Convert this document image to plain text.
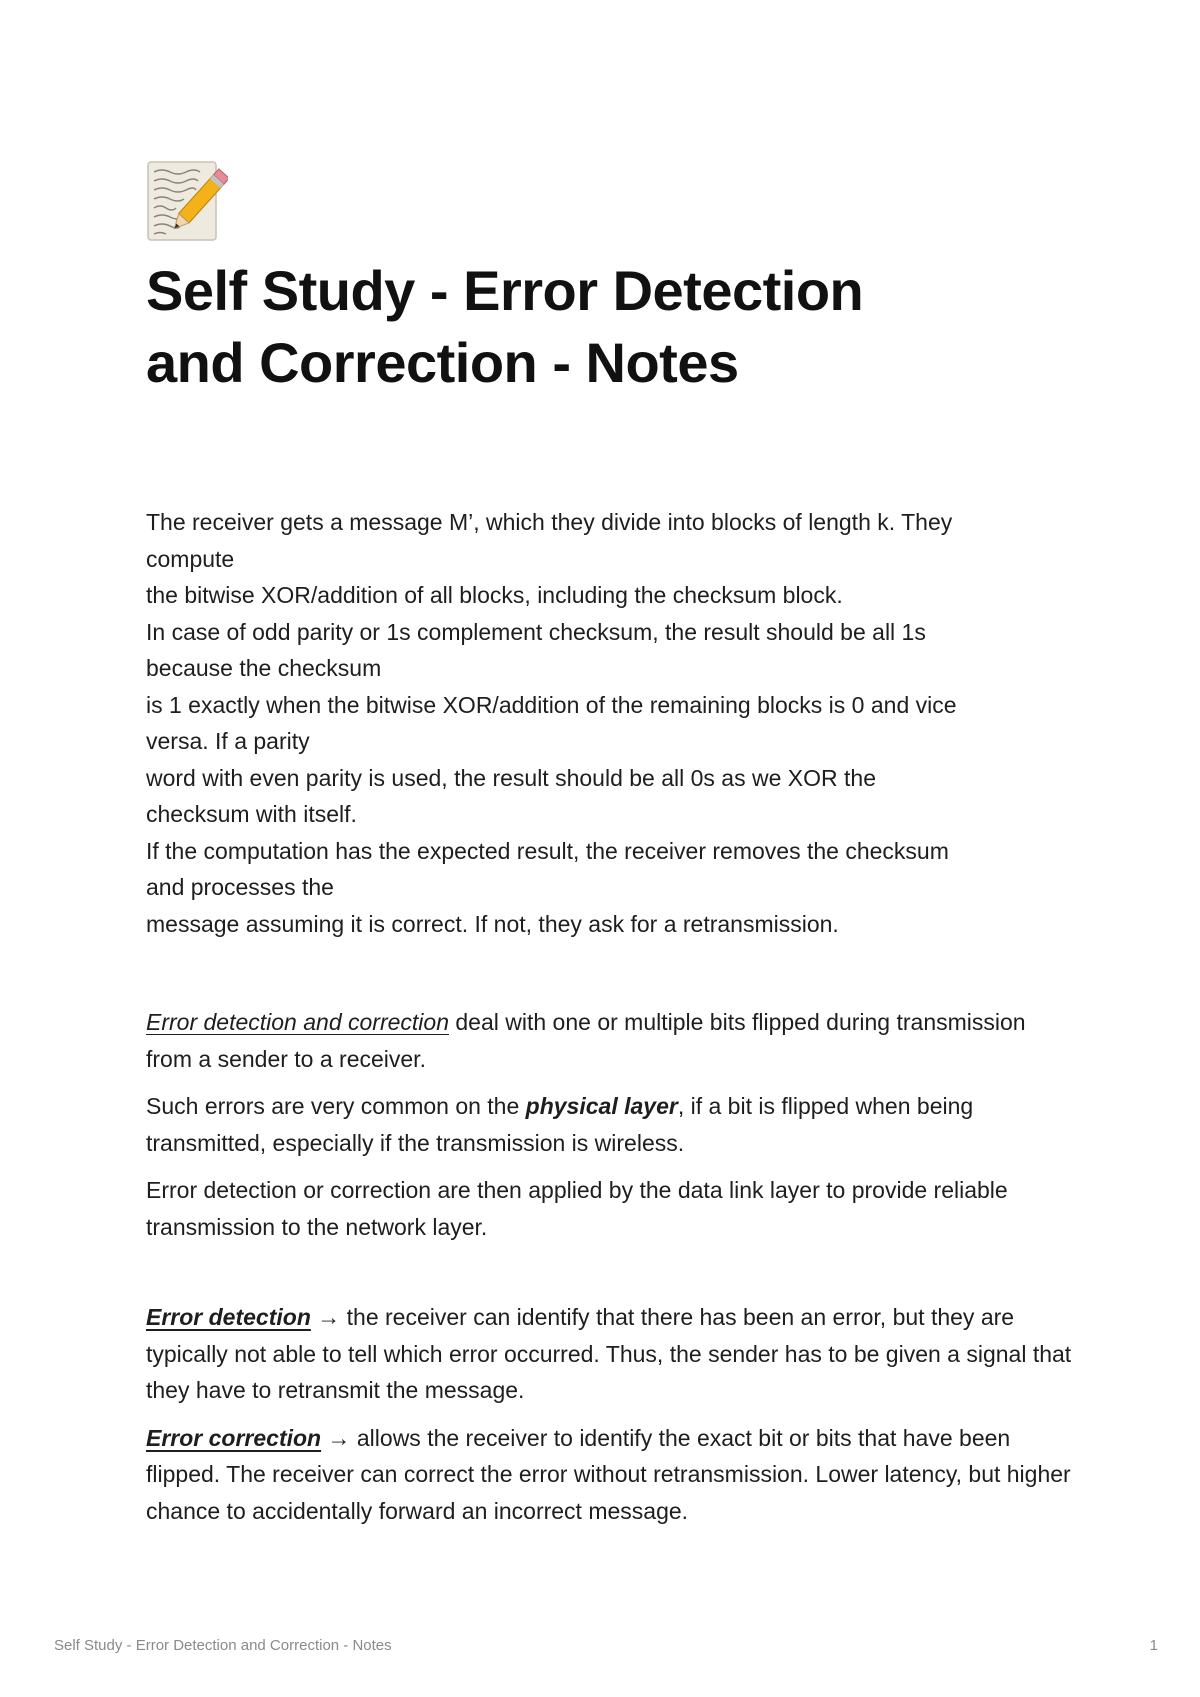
Self Study - Error Detection
and Correction - Notes
The receiver gets a message M’, which they divide into blocks of length k. They
compute
the bitwise XOR/addition of all blocks, including the checksum block.
In case of odd parity or 1s complement checksum, the result should be all 1s
because the checksum
is 1 exactly when the bitwise XOR/addition of the remaining blocks is 0 and vice
versa. If a parity
word with even parity is used, the result should be all 0s as we XOR the
checksum with itself.
If the computation has the expected result, the receiver removes the checksum
and processes the
message assuming it is correct. If not, they ask for a retransmission.

Error detection and correction deal with one or multiple bits flipped during transmission from a sender to a receiver.

Such errors are very common on the physical layer, if a bit is flipped when being transmitted, especially if the transmission is wireless.

Error detection or correction are then applied by the data link layer to provide reliable transmission to the network layer.

Error detection → the receiver can identify that there has been an error, but they are typically not able to tell which error occurred. Thus, the sender has to be given a signal that they have to retransmit the message.

Error correction → allows the receiver to identify the exact bit or bits that have been flipped. The receiver can correct the error without retransmission. Lower latency, but higher chance to accidentally forward an incorrect message.

Self Study - Error Detection and Correction - Notes	1
